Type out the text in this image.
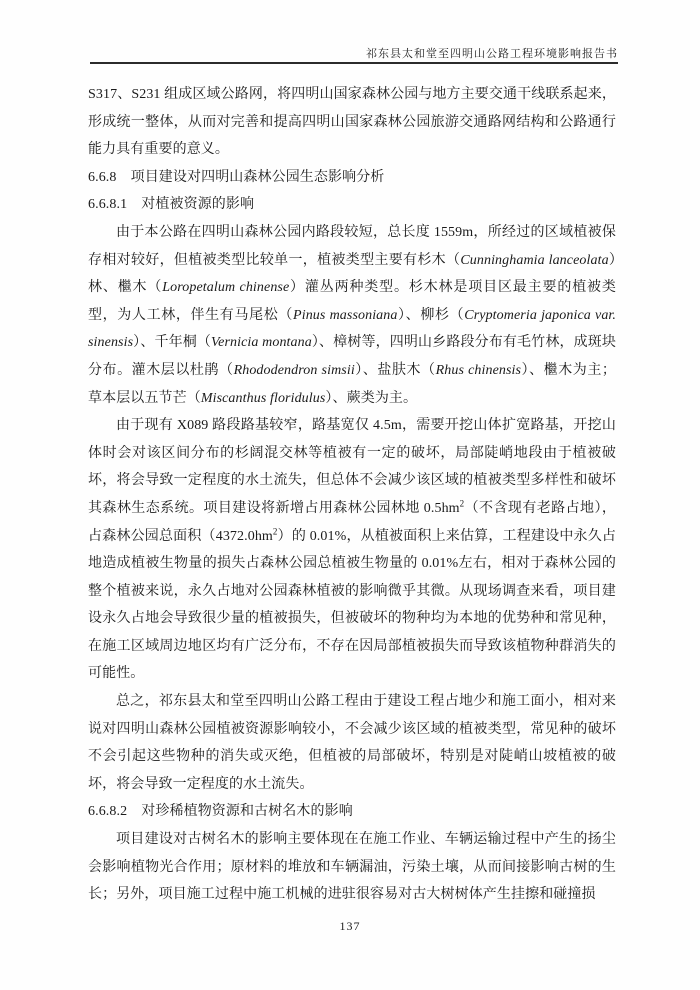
祁东县太和堂至四明山公路工程环境影响报告书

S317、S231 组成区域公路网，将四明山国家森林公园与地方主要交通干线联系起来，形成统一整体，从而对完善和提高四明山国家森林公园旅游交通路网结构和公路通行能力具有重要的意义。

6.6.8　项目建设对四明山森林公园生态影响分析

6.6.8.1　对植被资源的影响

由于本公路在四明山森林公园内路段较短，总长度 1559m，所经过的区域植被保存相对较好，但植被类型比较单一，植被类型主要有杉木（Cunninghamia lanceolata）林、檵木（Loropetalum chinense）灌丛两种类型。杉木林是项目区最主要的植被类型，为人工林，伴生有马尾松（Pinus massoniana）、柳杉（Cryptomeria japonica var. sinensis）、千年桐（Vernicia montana）、樟树等，四明山乡路段分布有毛竹林，成斑块分布。灌木层以杜鹃（Rhododendron simsii）、盐肤木（Rhus chinensis）、檵木为主；草本层以五节芒（Miscanthus floridulus）、蕨类为主。

由于现有 X089 路段路基较窄，路基宽仅 4.5m，需要开挖山体扩宽路基，开挖山体时会对该区间分布的杉阔混交林等植被有一定的破坏，局部陡峭地段由于植被破坏，将会导致一定程度的水土流失，但总体不会减少该区域的植被类型多样性和破坏其森林生态系统。项目建设将新增占用森林公园林地 $0.5hm^2$（不含现有老路占地），占森林公园总面积$(4372.0hm^2)$的 0.01%，从植被面积上来估算，工程建设中永久占地造成植被生物量的损失占森林公园总植被生物量的 0.01%左右，相对于森林公园的整个植被来说，永久占地对公园森林植被的影响微乎其微。从现场调查来看，项目建设永久占地会导致很少量的植被损失，但被破坏的物种均为本地的优势种和常见种，在施工区域周边地区均有广泛分布，不存在因局部植被损失而导致该植物种群消失的可能性。

总之，祁东县太和堂至四明山公路工程由于建设工程占地少和施工面小，相对来说对四明山森林公园植被资源影响较小，不会减少该区域的植被类型，常见种的破坏不会引起这些物种的消失或灭绝，但植被的局部破坏，特别是对陡峭山坡植被的破坏，将会导致一定程度的水土流失。

6.6.8.2　对珍稀植物资源和古树名木的影响

项目建设对古树名木的影响主要体现在在施工作业、车辆运输过程中产生的扬尘会影响植物光合作用；原材料的堆放和车辆漏油，污染土壤，从而间接影响古树的生长；另外，项目施工过程中施工机械的进驻很容易对古大树树体产生挂擦和碰撞损

137
